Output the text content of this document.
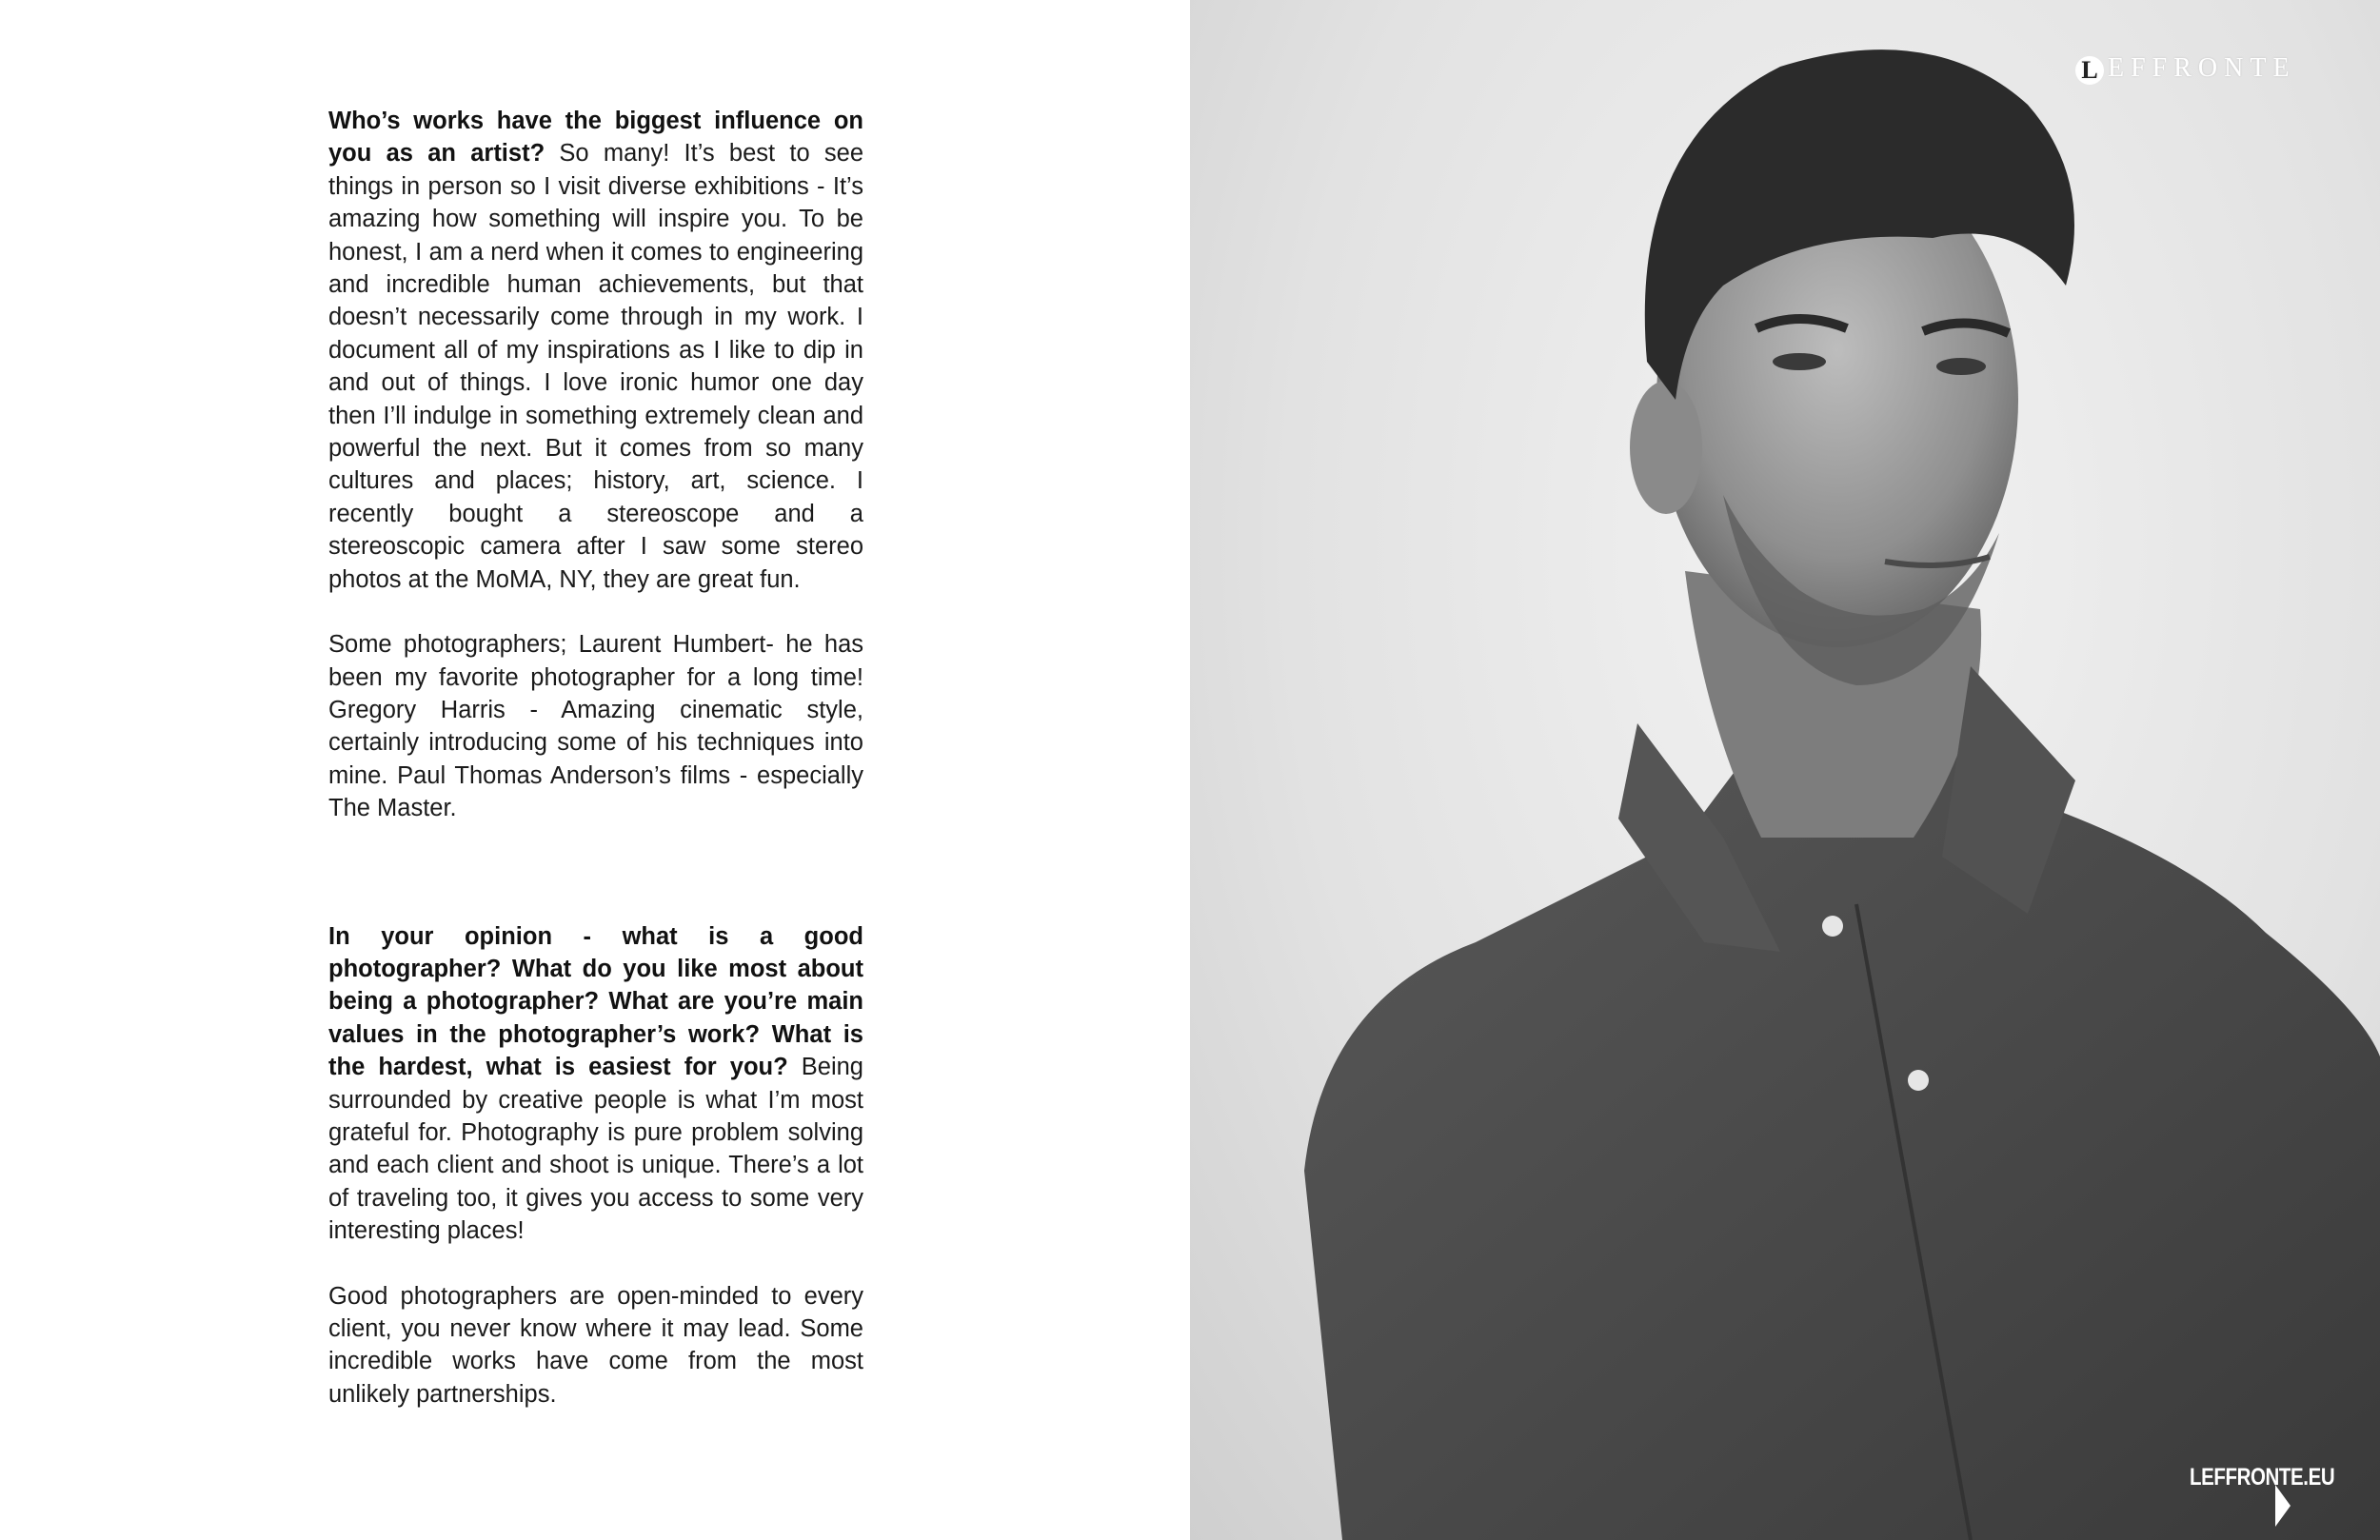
Who’s works have the biggest influence on you as an artist? So many! It’s best to see things in person so I visit diverse exhibitions - It’s amazing how something will inspire you. To be honest, I am a nerd when it comes to engineering and incredible human achievements, but that doesn’t necessarily come through in my work. I document all of my inspirations as I like to dip in and out of things. I love ironic humor one day then I’ll indulge in something extremely clean and powerful the next. But it comes from so many cultures and places; history, art, science. I recently bought a stereoscope and a stereoscopic camera after I saw some stereo photos at the MoMA, NY, they are great fun.

Some photographers; Laurent Humbert- he has been my favorite photographer for a long time! Gregory Harris - Amazing cinematic style, certainly introducing some of his techniques into mine. Paul Thomas Anderson’s films - especially The Master.

In your opinion - what is a good photographer? What do you like most about being a photographer? What are you’re main values in the photographer’s work? What is the hardest, what is easiest for you? Being surrounded by creative people is what I’m most grateful for. Photography is pure problem solving and each client and shoot is unique. There’s a lot of traveling too, it gives you access to some very interesting places!

Good photographers are open-minded to every client, you never know where it may lead. Some incredible works have come from the most unlikely partnerships.

L EFFRONTE
LEFFRONTE.EU
